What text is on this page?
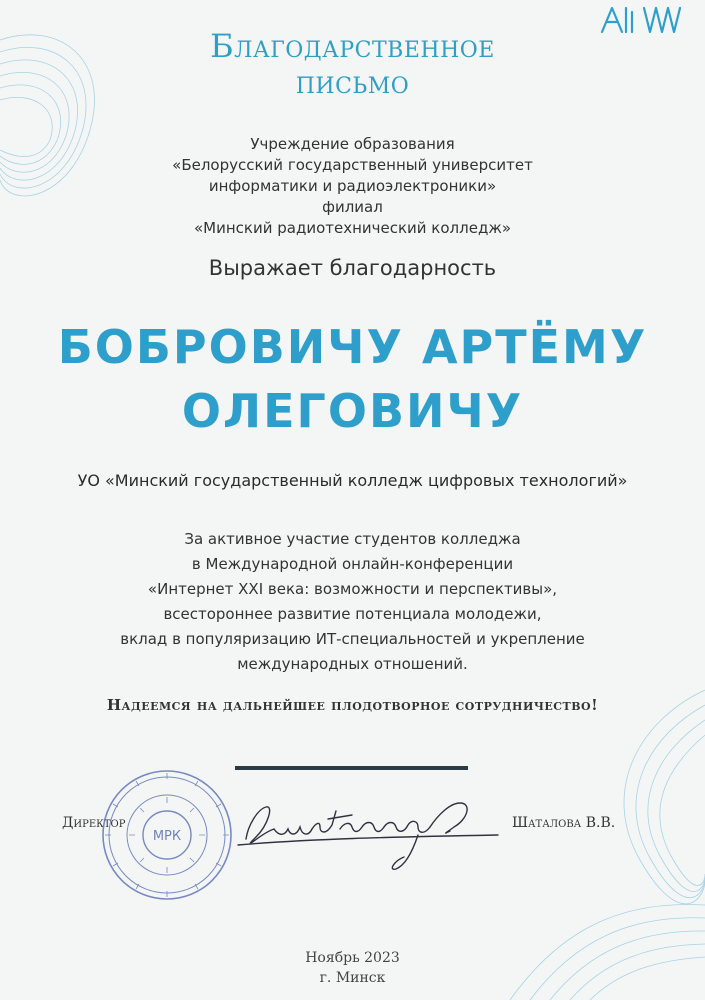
Благодарственное
письмо
Учреждение образования
«Белорусский государственный университет
информатики и радиоэлектроники»
филиал
«Минский радиотехнический колледж»
Выражает благодарность
БОБРОВИЧУ АРТЁМУ
ОЛЕГОВИЧУ
УО «Минский государственный колледж цифровых технологий»
За активное участие студентов колледжа
в Международной онлайн-конференции
«Интернет XXI века: возможности и перспективы»,
всестороннее развитие потенциала молодежи,
вклад в популяризацию ИТ-специальностей и укрепление
международных отношений.
Надеемся на дальнейшее плодотворное сотрудничество!
Директор	Шаталова В.В.
МРК
Ноябрь 2023
г. Минск
